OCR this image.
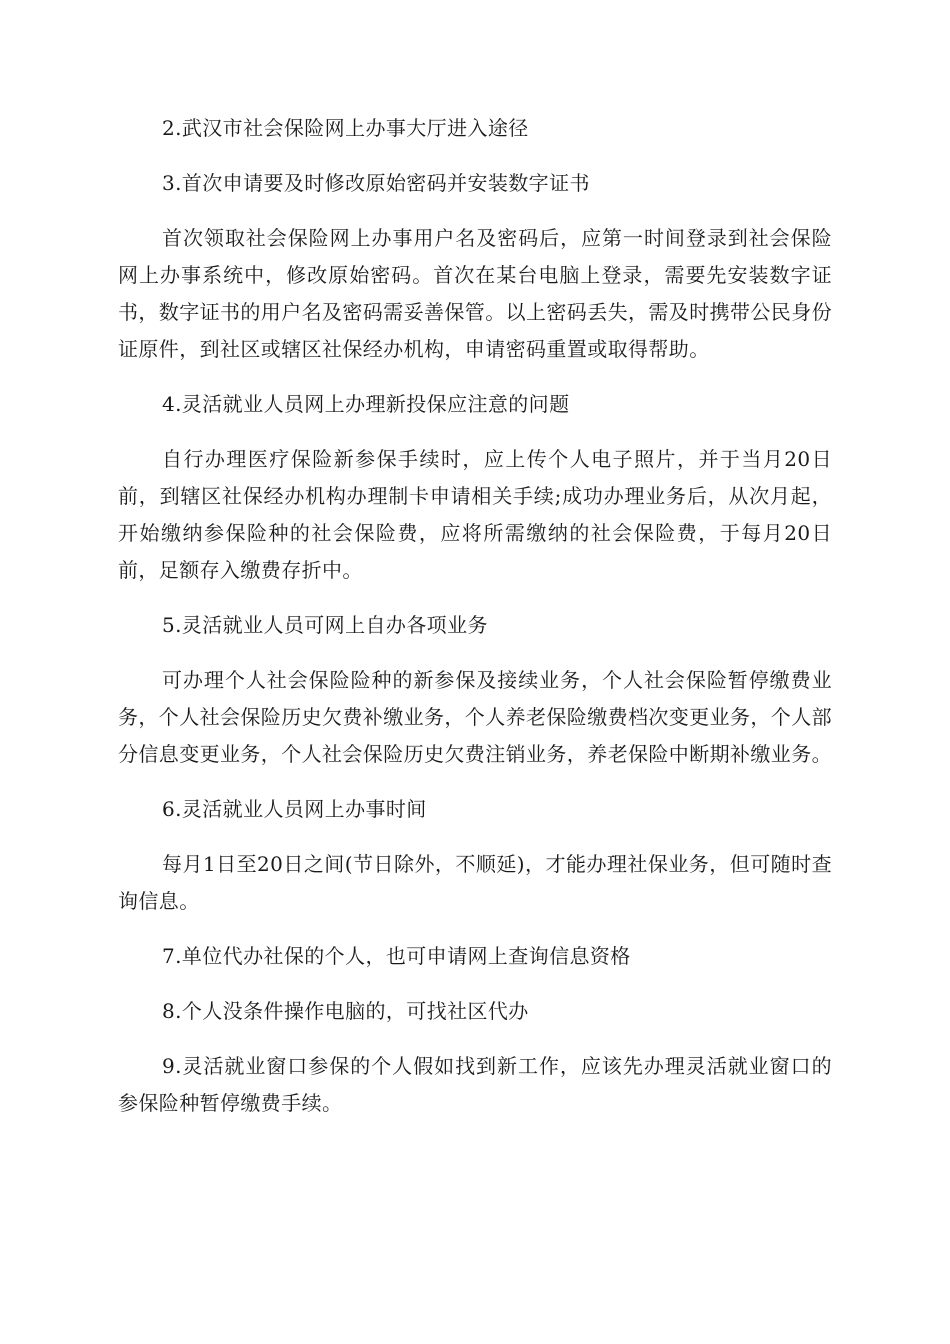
2.武汉市社会保险网上办事大厅进入途径

3.首次申请要及时修改原始密码并安装数字证书

首次领取社会保险网上办事用户名及密码后，应第一时间登录到社会保险网上办事系统中，修改原始密码。首次在某台电脑上登录，需要先安装数字证书，数字证书的用户名及密码需妥善保管。以上密码丢失，需及时携带公民身份证原件，到社区或辖区社保经办机构，申请密码重置或取得帮助。

4.灵活就业人员网上办理新投保应注意的问题

自行办理医疗保险新参保手续时，应上传个人电子照片，并于当月20日前，到辖区社保经办机构办理制卡申请相关手续;成功办理业务后，从次月起，开始缴纳参保险种的社会保险费，应将所需缴纳的社会保险费，于每月20日前，足额存入缴费存折中。

5.灵活就业人员可网上自办各项业务

可办理个人社会保险险种的新参保及接续业务，个人社会保险暂停缴费业务，个人社会保险历史欠费补缴业务，个人养老保险缴费档次变更业务，个人部分信息变更业务，个人社会保险历史欠费注销业务，养老保险中断期补缴业务。

6.灵活就业人员网上办事时间

每月1日至20日之间(节日除外，不顺延)，才能办理社保业务，但可随时查询信息。

7.单位代办社保的个人，也可申请网上查询信息资格

8.个人没条件操作电脑的，可找社区代办

9.灵活就业窗口参保的个人假如找到新工作，应该先办理灵活就业窗口的参保险种暂停缴费手续。
